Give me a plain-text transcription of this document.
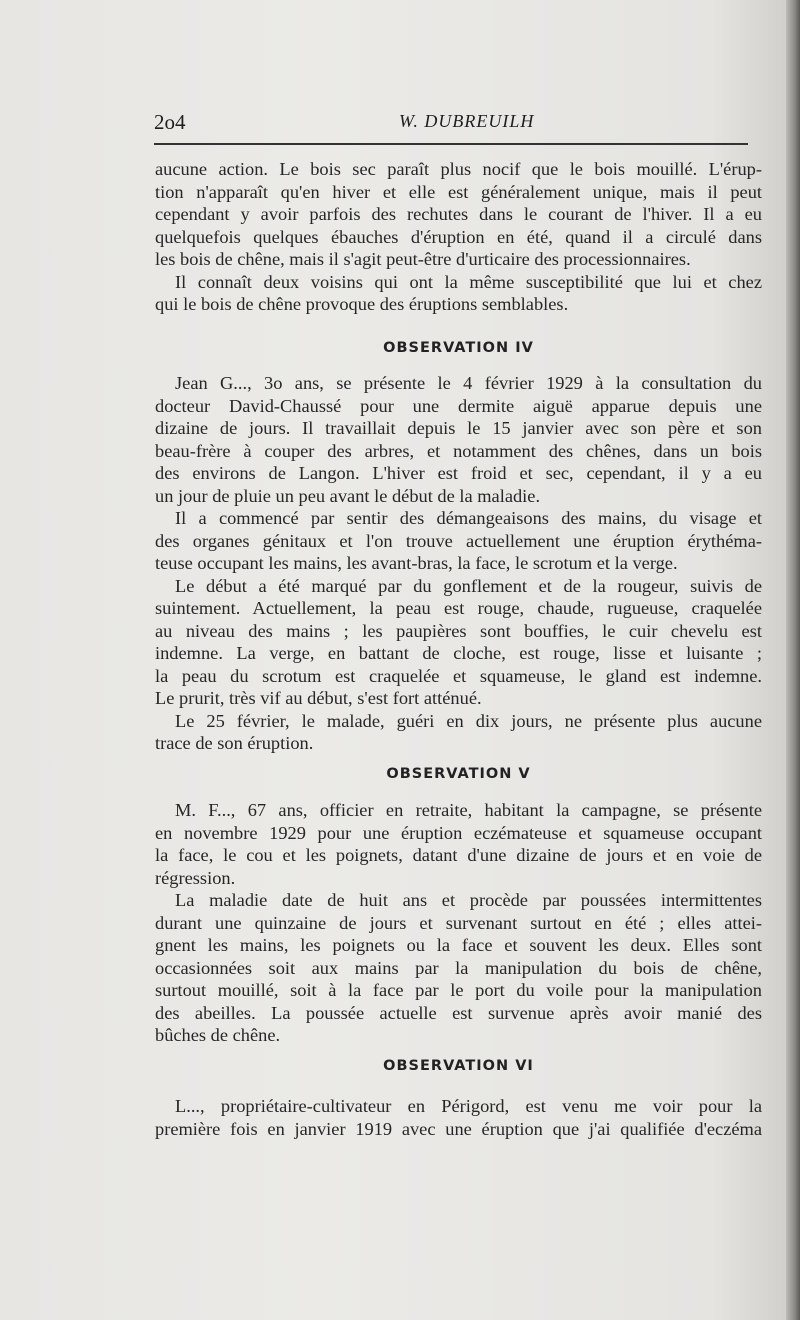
2o4	W. DUBREUILH
aucune action. Le bois sec paraît plus nocif que le bois mouillé. L'érup-
tion n'apparaît qu'en hiver et elle est généralement unique, mais il peut
cependant y avoir parfois des rechutes dans le courant de l'hiver. Il a eu
quelquefois quelques ébauches d'éruption en été, quand il a circulé dans
les bois de chêne, mais il s'agit peut-être d'urticaire des processionnaires.
Il connaît deux voisins qui ont la même susceptibilité que lui et chez
qui le bois de chêne provoque des éruptions semblables.
OBSERVATION IV
Jean G..., 3o ans, se présente le 4 février 1929 à la consultation du
docteur David-Chaussé pour une dermite aiguë apparue depuis une
dizaine de jours. Il travaillait depuis le 15 janvier avec son père et son
beau-frère à couper des arbres, et notamment des chênes, dans un bois
des environs de Langon. L'hiver est froid et sec, cependant, il y a eu
un jour de pluie un peu avant le début de la maladie.
Il a commencé par sentir des démangeaisons des mains, du visage et
des organes génitaux et l'on trouve actuellement une éruption érythéma-
teuse occupant les mains, les avant-bras, la face, le scrotum et la verge.
Le début a été marqué par du gonflement et de la rougeur, suivis de
suintement. Actuellement, la peau est rouge, chaude, rugueuse, craquelée
au niveau des mains ; les paupières sont bouffies, le cuir chevelu est
indemne. La verge, en battant de cloche, est rouge, lisse et luisante ;
la peau du scrotum est craquelée et squameuse, le gland est indemne.
Le prurit, très vif au début, s'est fort atténué.
Le 25 février, le malade, guéri en dix jours, ne présente plus aucune
trace de son éruption.
OBSERVATION V
M. F..., 67 ans, officier en retraite, habitant la campagne, se présente
en novembre 1929 pour une éruption eczémateuse et squameuse occupant
la face, le cou et les poignets, datant d'une dizaine de jours et en voie de
régression.
La maladie date de huit ans et procède par poussées intermittentes
durant une quinzaine de jours et survenant surtout en été ; elles attei-
gnent les mains, les poignets ou la face et souvent les deux. Elles sont
occasionnées soit aux mains par la manipulation du bois de chêne,
surtout mouillé, soit à la face par le port du voile pour la manipulation
des abeilles. La poussée actuelle est survenue après avoir manié des
bûches de chêne.
OBSERVATION VI
L..., propriétaire-cultivateur en Périgord, est venu me voir pour la
première fois en janvier 1919 avec une éruption que j'ai qualifiée d'eczéma
